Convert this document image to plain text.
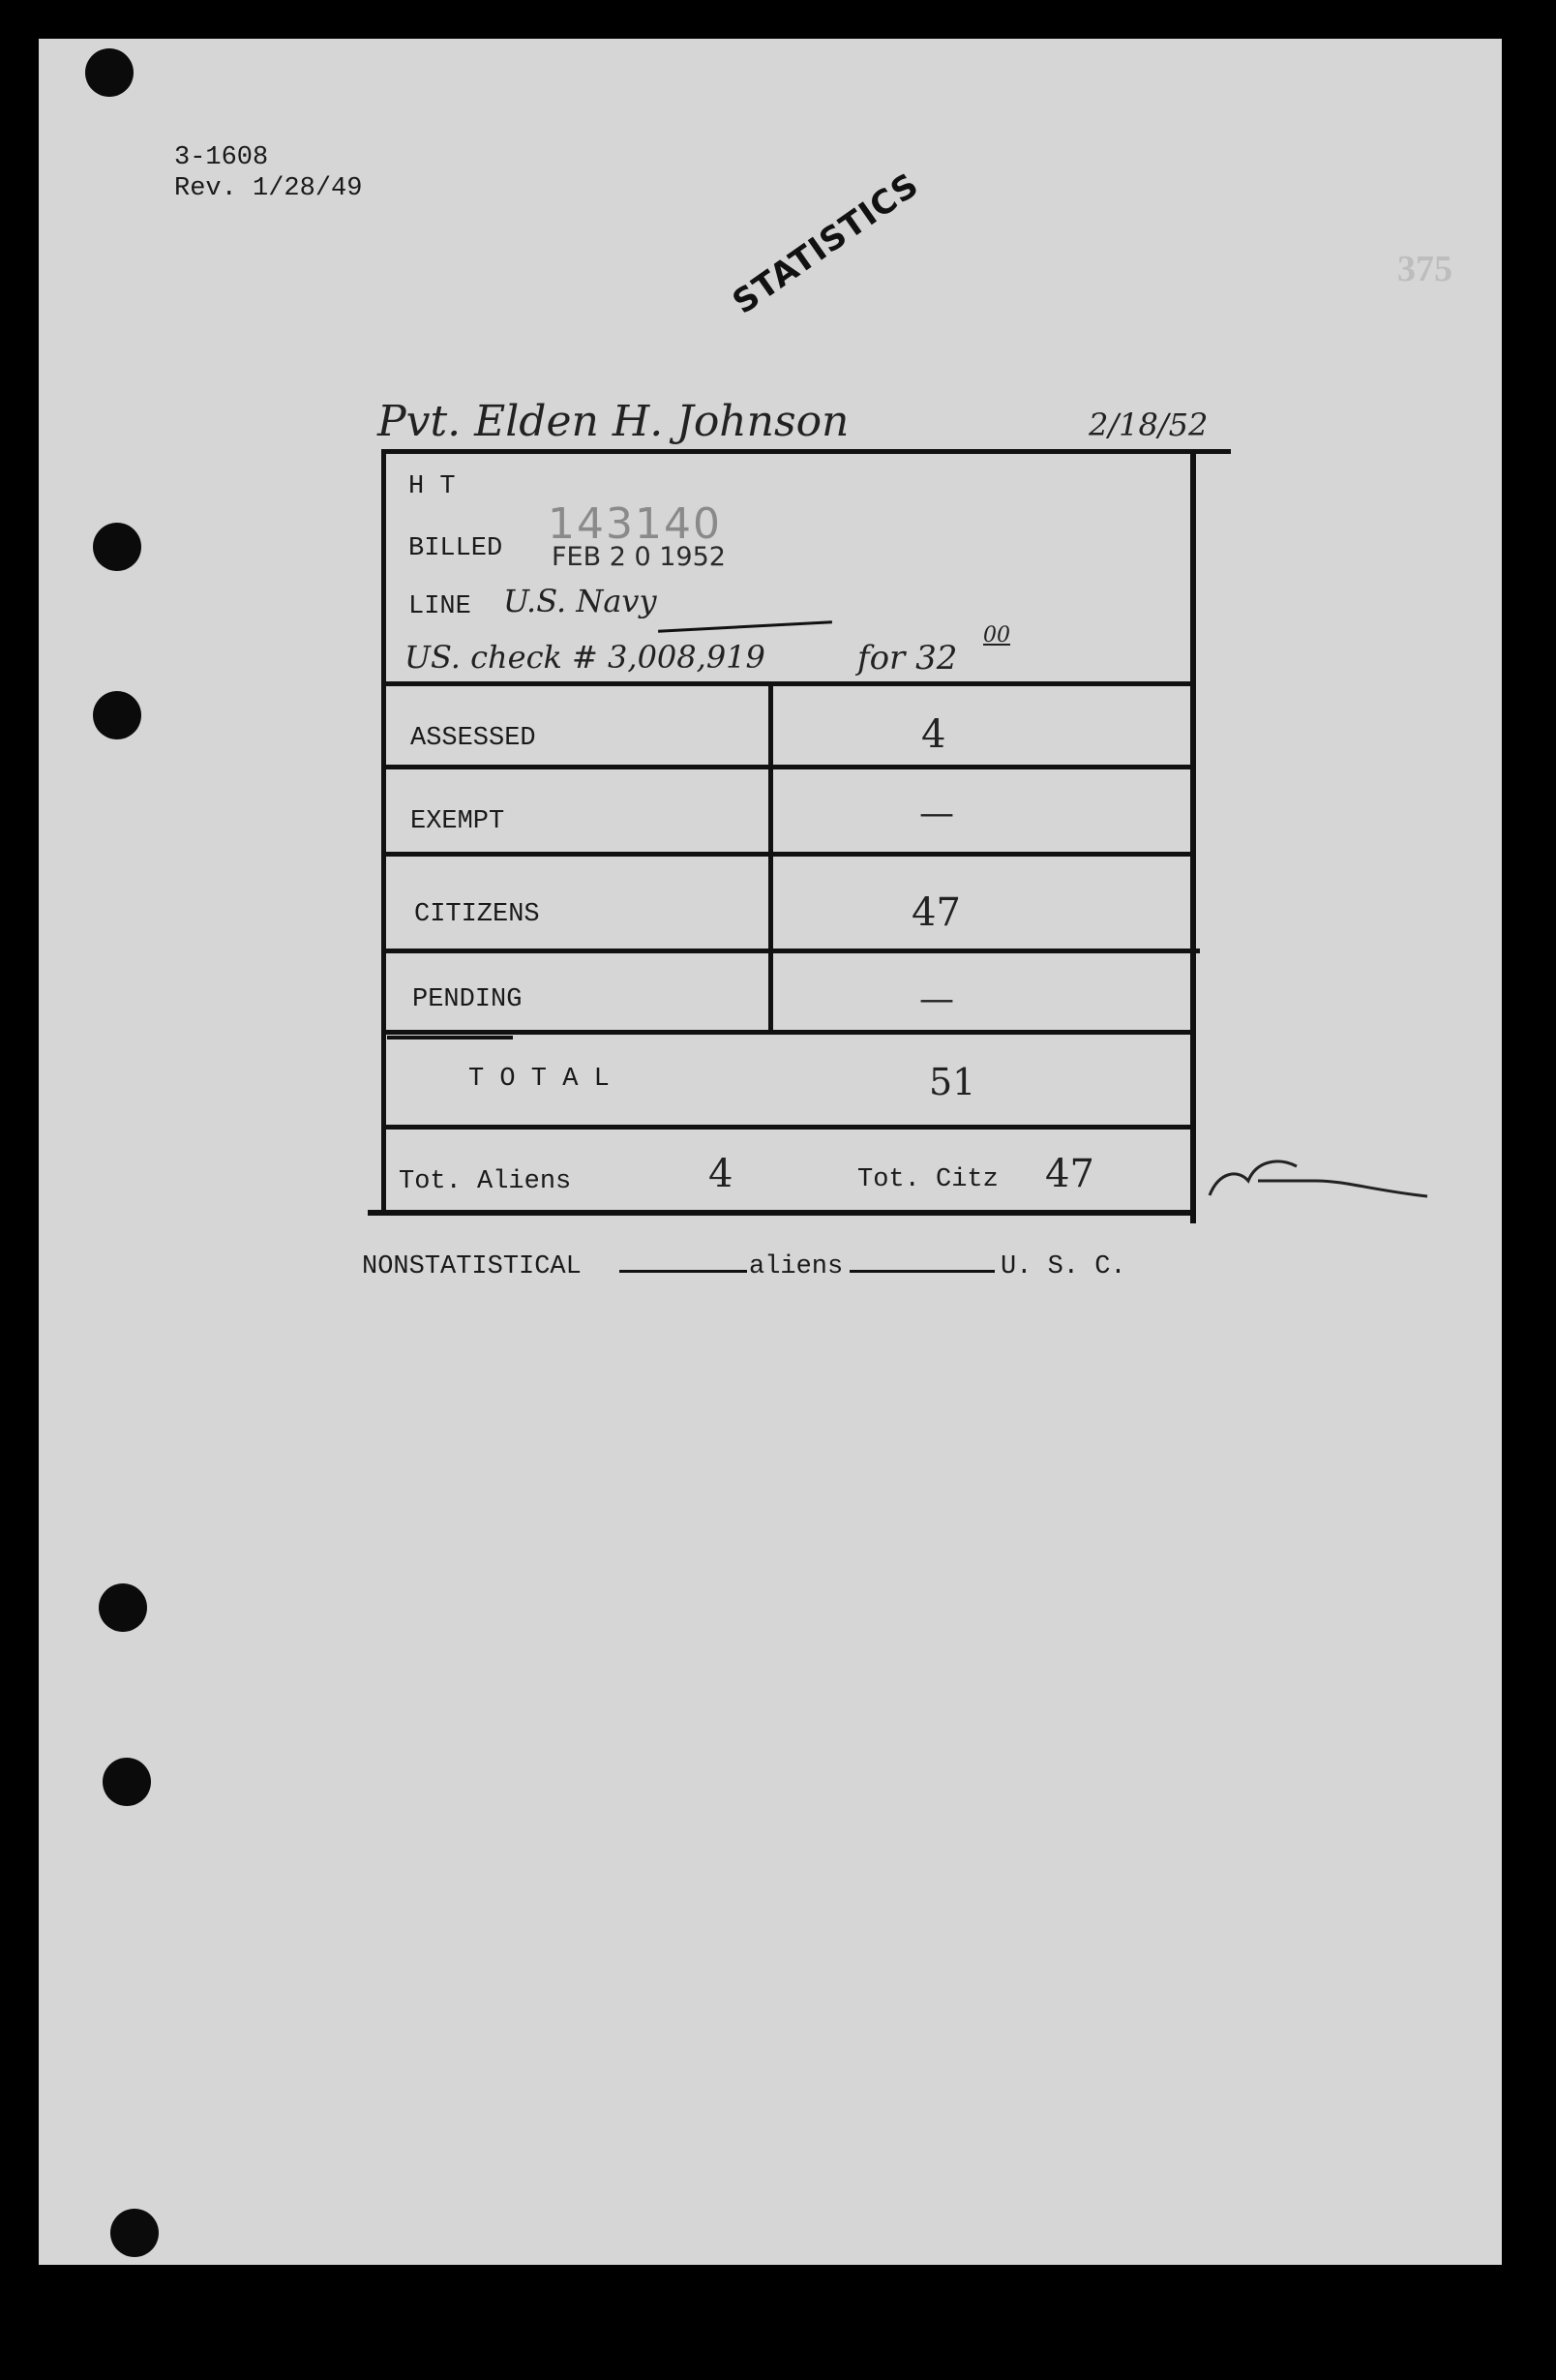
3-1608
Rev. 1/28/49
375
STATISTICS
Pvt. Elden H. Johnson	2/18/52
H T
BILLED 143140
FEB 2 0 1952
LINE U.S. Navy
US. check # 3,008,919	for 32
00
ASSESSED	4
EXEMPT	—
CITIZENS	47
PENDING	—
T O T A L	51
Tot. Aliens	4	Tot. Citz 47
NONSTATISTICAL	aliens	U. S. C.
